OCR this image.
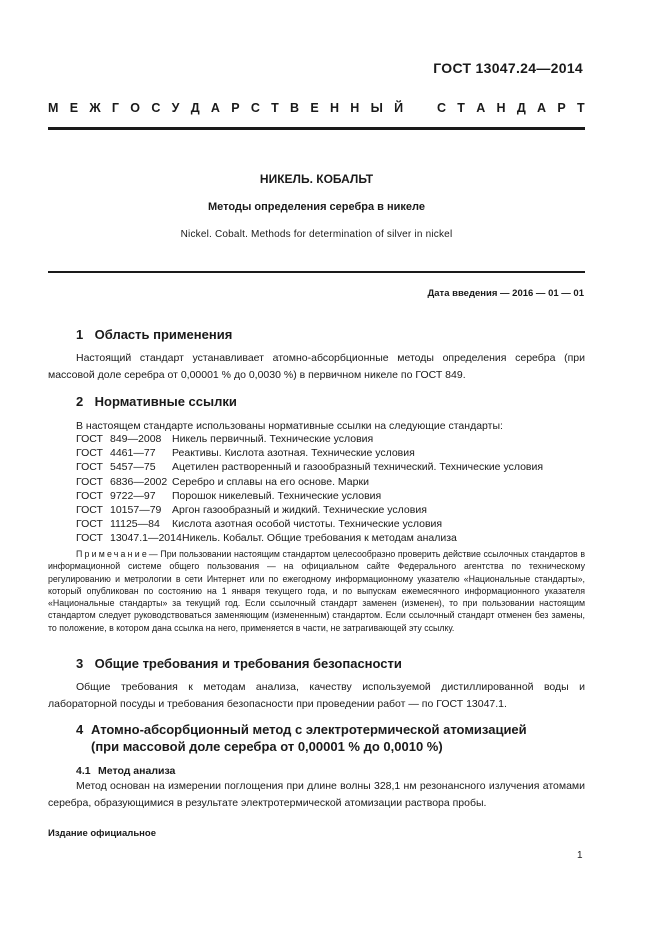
ГОСТ 13047.24—2014
М Е Ж Г О С У Д А Р С Т В Е Н Н Ы Й	С Т А Н Д А Р Т
НИКЕЛЬ. КОБАЛЬТ
Методы определения серебра в никеле
Nickel. Cobalt. Methods for determination of silver in nickel
Дата введения — 2016 — 01 — 01
1 Область применения
Настоящий стандарт устанавливает атомно-абсорбционные методы определения серебра (при массовой доле серебра от 0,00001 % до 0,0030 %) в первичном никеле по ГОСТ 849.
2 Нормативные ссылки
В настоящем стандарте использованы нормативные ссылки на следующие стандарты:
ГОСТ 849—2008 Никель первичный. Технические условия
ГОСТ 4461—77 Реактивы. Кислота азотная. Технические условия
ГОСТ 5457—75 Ацетилен растворенный и газообразный технический. Технические условия
ГОСТ 6836—2002 Серебро и сплавы на его основе. Марки
ГОСТ 9722—97 Порошок никелевый. Технические условия
ГОСТ 10157—79 Аргон газообразный и жидкий. Технические условия
ГОСТ 11125—84 Кислота азотная особой чистоты. Технические условия
ГОСТ 13047.1—2014Никель. Кобальт. Общие требования к методам анализа
Примечание— При пользовании настоящим стандартом целесообразно проверить действие ссылочных стандартов в информационной системе общего пользования — на официальном сайте Федерального агентства по техническому регулированию и метрологии в сети Интернет или по ежегодному информационному указателю «Национальные стандарты», который опубликован по состоянию на 1 января текущего года, и по выпускам ежемесячного информационного указателя «Национальные стандарты» за текущий год. Если ссылочный стандарт заменен (изменен), то при пользовании настоящим стандартом следует руководствоваться заменяющим (измененным) стандартом. Если ссылочный стандарт отменен без замены, то положение, в котором дана ссылка на него, применяется в части, не затрагивающей эту ссылку.
3 Общие требования и требования безопасности
Общие требования к методам анализа, качеству используемой дистиллированной воды и лабораторной посуды и требования безопасности при проведении работ — по ГОСТ 13047.1.
4 Атомно-абсорбционный метод с электротермической атомизацией
(при массовой доле серебра от 0,00001 % до 0,0010 %)
4.1 Метод анализа
Метод основан на измерении поглощения при длине волны 328,1 нм резонансного излучения атомами серебра, образующимися в результате электротермической атомизации раствора пробы.
Издание официальное
1
